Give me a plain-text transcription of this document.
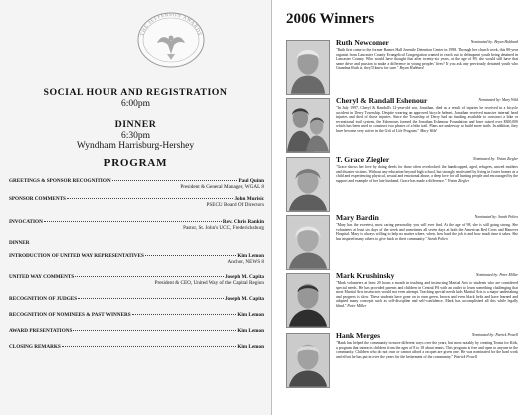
THE JEFFERSON AWARDS
SOCIAL HOUR AND REGISTRATION
6:00pm
DINNER
6:30pm
Wyndham Harrisburg-Hershey
PROGRAM
GREETINGS & SPONSOR RECOGNITION	Paul Quinn
President & General Manager, WGAL 8
SPONSOR COMMENTS	John Murisic
PSECU Board Of Directors
INVOCATION	Rev. Chris Rankin
Pastor, St. John's UCC, Fredericksburg
DINNER
INTRODUCTION OF UNITED WAY REPRESENTATIVES	Kim Lemon
Anchor, NEWS 8
UNITED WAY COMMENTS	Joseph M. Capita
President & CEO, United Way of the Capital Region
RECOGNITION OF JUDGES	Joseph M. Capita
RECOGNITION OF NOMINEES & PAST WINNERS	Kim Lemon
AWARD PRESENTATIONS	Kim Lemon
CLOSING REMARKS	Kim Lemon
2006 Winners
Ruth Newcomer	Nominated by: Bryan Hubbard
"Ruth first came to the former Barnes Hall Juvenile Detention Center in 1998. Through her church work, this 80-year organist from Lancaster County Evangelical Congregation wanted to reach out to delinquent youth being detained in Lancaster County. Who would have thought that after twenty-six years, at the age of 89, she would still have that same drive and passion to make a difference in young peoples' lives? If you ask any previously detained youth who Grandma Ruth is, they'll know for sure." Bryan Hubbard
Cheryl & Randall Eshenour	Nominated by: Mary Wild
"In July 1997, Cheryl & Randall's 12-year-old son, Jonathan, died as a result of injuries he received in a bicycle accident in Derry Township. Despite wearing an approved bicycle helmet, Jonathan received massive internal head injuries and died of those injuries. Since the Township of Derry had no funding available to construct a bike or recreational trail system, the Eshenours formed the Jonathan Eshenour Foundation and have raised over $300,000 which has been used to construct two phases of a bike trail. Plans are underway to build more trails. In addition, they have become very active in the Gift of Life Program." Mary Wild
T. Grace Ziegler	Nominated by: Vivian Ziegler
"Grace shows her love by doing deeds for those often overlooked: the handicapped, aged, refugees, unwed mothers and disaster victims. Without any education beyond high school, but strongly motivated by living in foster homes as a child and experiencing physical, sexual and emotional abuse, a deep love for all hurting people and encouraged by the support and example of her late husband, Grace has made a difference." Vivian Ziegler
Mary Bardin	Nominated by: Sarah Polieo
"Mary has the sweetest, most caring personality you will ever find. At the age of 98, she is still going strong. She volunteers at least six days of the week and sometimes all seven days at both the American Red Cross and Hanover Hospital. Mary is always willing to help no matter where, when, how hard the job is and how much time it takes. She has inspired many others to give back to their community." Sarah Polieo
Mark Krushinsky	Nominated by: Peter Miller
"Mark volunteers at least 20 hours a month in teaching and instructing Martial Arts to students who are considered special needs. He has provided parents and children in Central PA with an outlet to learn something challenging that most Martial Arts instructors would not even attempt. Teaching special needs kids Martial Arts is a major undertaking and progress is slow. These students have gone on to earn green, brown and even black belts and have learned and adopted many concepts such as self-discipline and self-confidence. Mark has accomplished all this while legally blind." Peter Miller
Hank Merges	Nominated by: Patrick Powell
"Hank has helped the community in more different ways over the years, but most notably by creating Teams for Kids, a program that interacts children from the ages of 8 to 18 about tennis. This program is free and open to anyone in the community. Children who do not own or cannot afford a racquet are given one. He was nominated for the hard work and effort he has put in over the years for the betterment of the community." Patrick Powell
